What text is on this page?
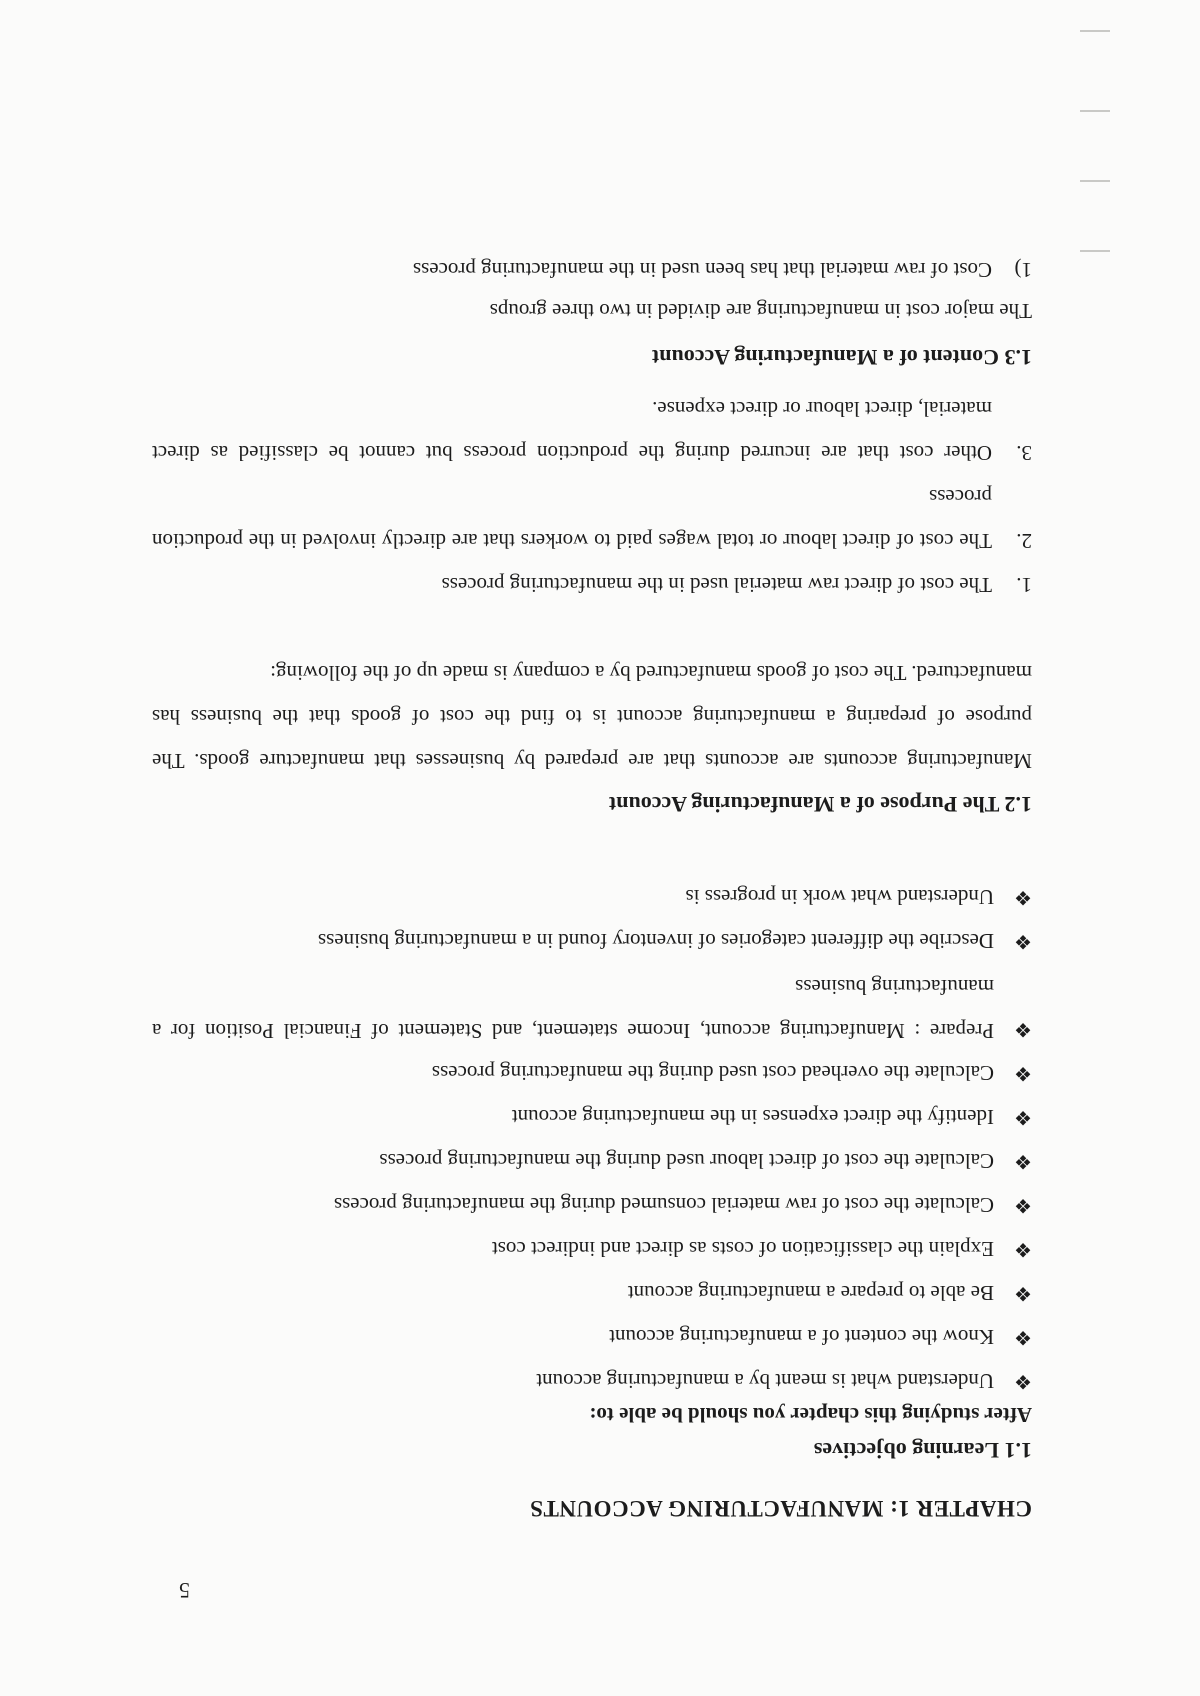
5
CHAPTER 1: MANUFACTURING ACCOUNTS
1.1 Learning objectives
After studying this chapter you should be able to:
❖
Understand what is meant by a manufacturing account
❖
Know the content of a manufacturing account
❖
Be able to prepare a manufacturing account
❖
Explain the classification of costs as direct and indirect cost
❖
Calculate the cost of raw material consumed during the manufacturing process
❖
Calculate the cost of direct labour used during the manufacturing process
❖
Identify the direct expenses in the manufacturing account
❖
Calculate the overhead cost used during the manufacturing process
❖
Prepare : Manufacturing account, Income statement, and Statement of Financial Position for a manufacturing business
❖
Describe the different categories of inventory found in a manufacturing business
❖
Understand what work in progress is
1.2 The Purpose of a Manufacturing Account
Manufacturing accounts are accounts that are prepared by businesses that manufacture goods. The purpose of preparing a manufacturing account is to find the cost of goods that the business has manufactured. The cost of goods manufactured by a company is made up of the following:
1.
The cost of direct raw material used in the manufacturing process
2.
The cost of direct labour or total wages paid to workers that are directly involved in the production process
3.
Other cost that are incurred during the production process but cannot be classified as direct material, direct labour or direct expense.
1.3 Content of a Manufacturing Account
The major cost in manufacturing are divided in two three groups
1)
Cost of raw material that has been used in the manufacturing process
